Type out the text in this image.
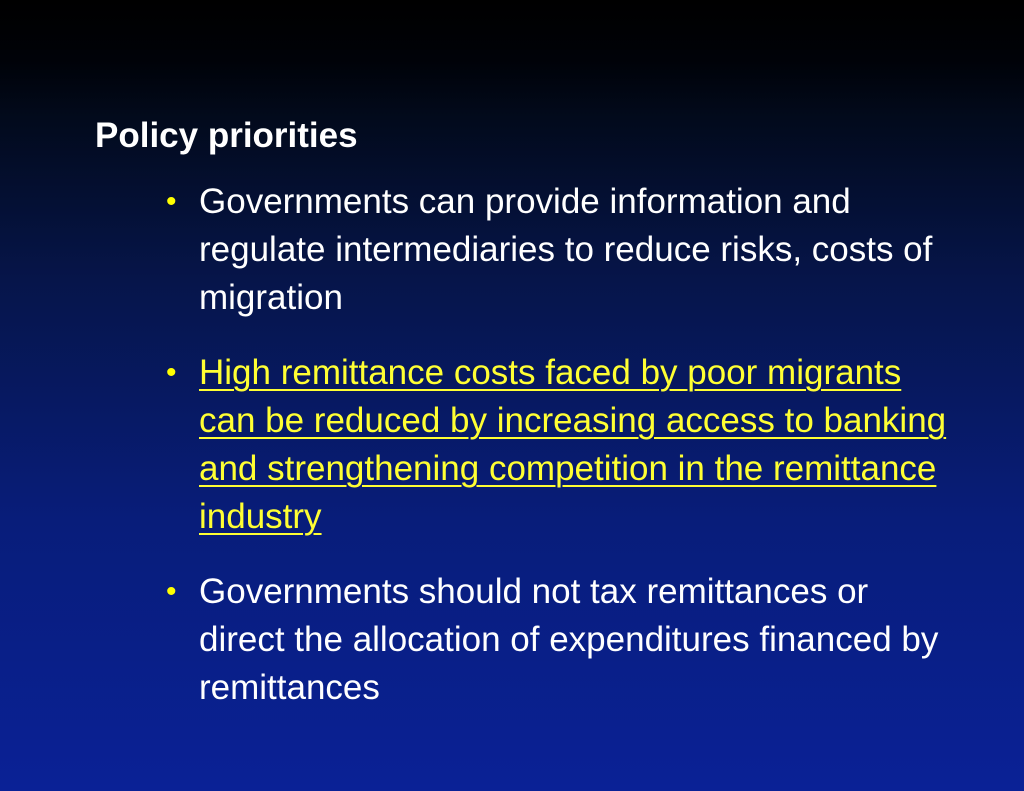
Policy priorities
• Governments can provide information and regulate intermediaries to reduce risks, costs of migration
• High remittance costs faced by poor migrants can be reduced by increasing access to banking and strengthening competition in the remittance industry
• Governments should not tax remittances or direct the allocation of expenditures financed by remittances
